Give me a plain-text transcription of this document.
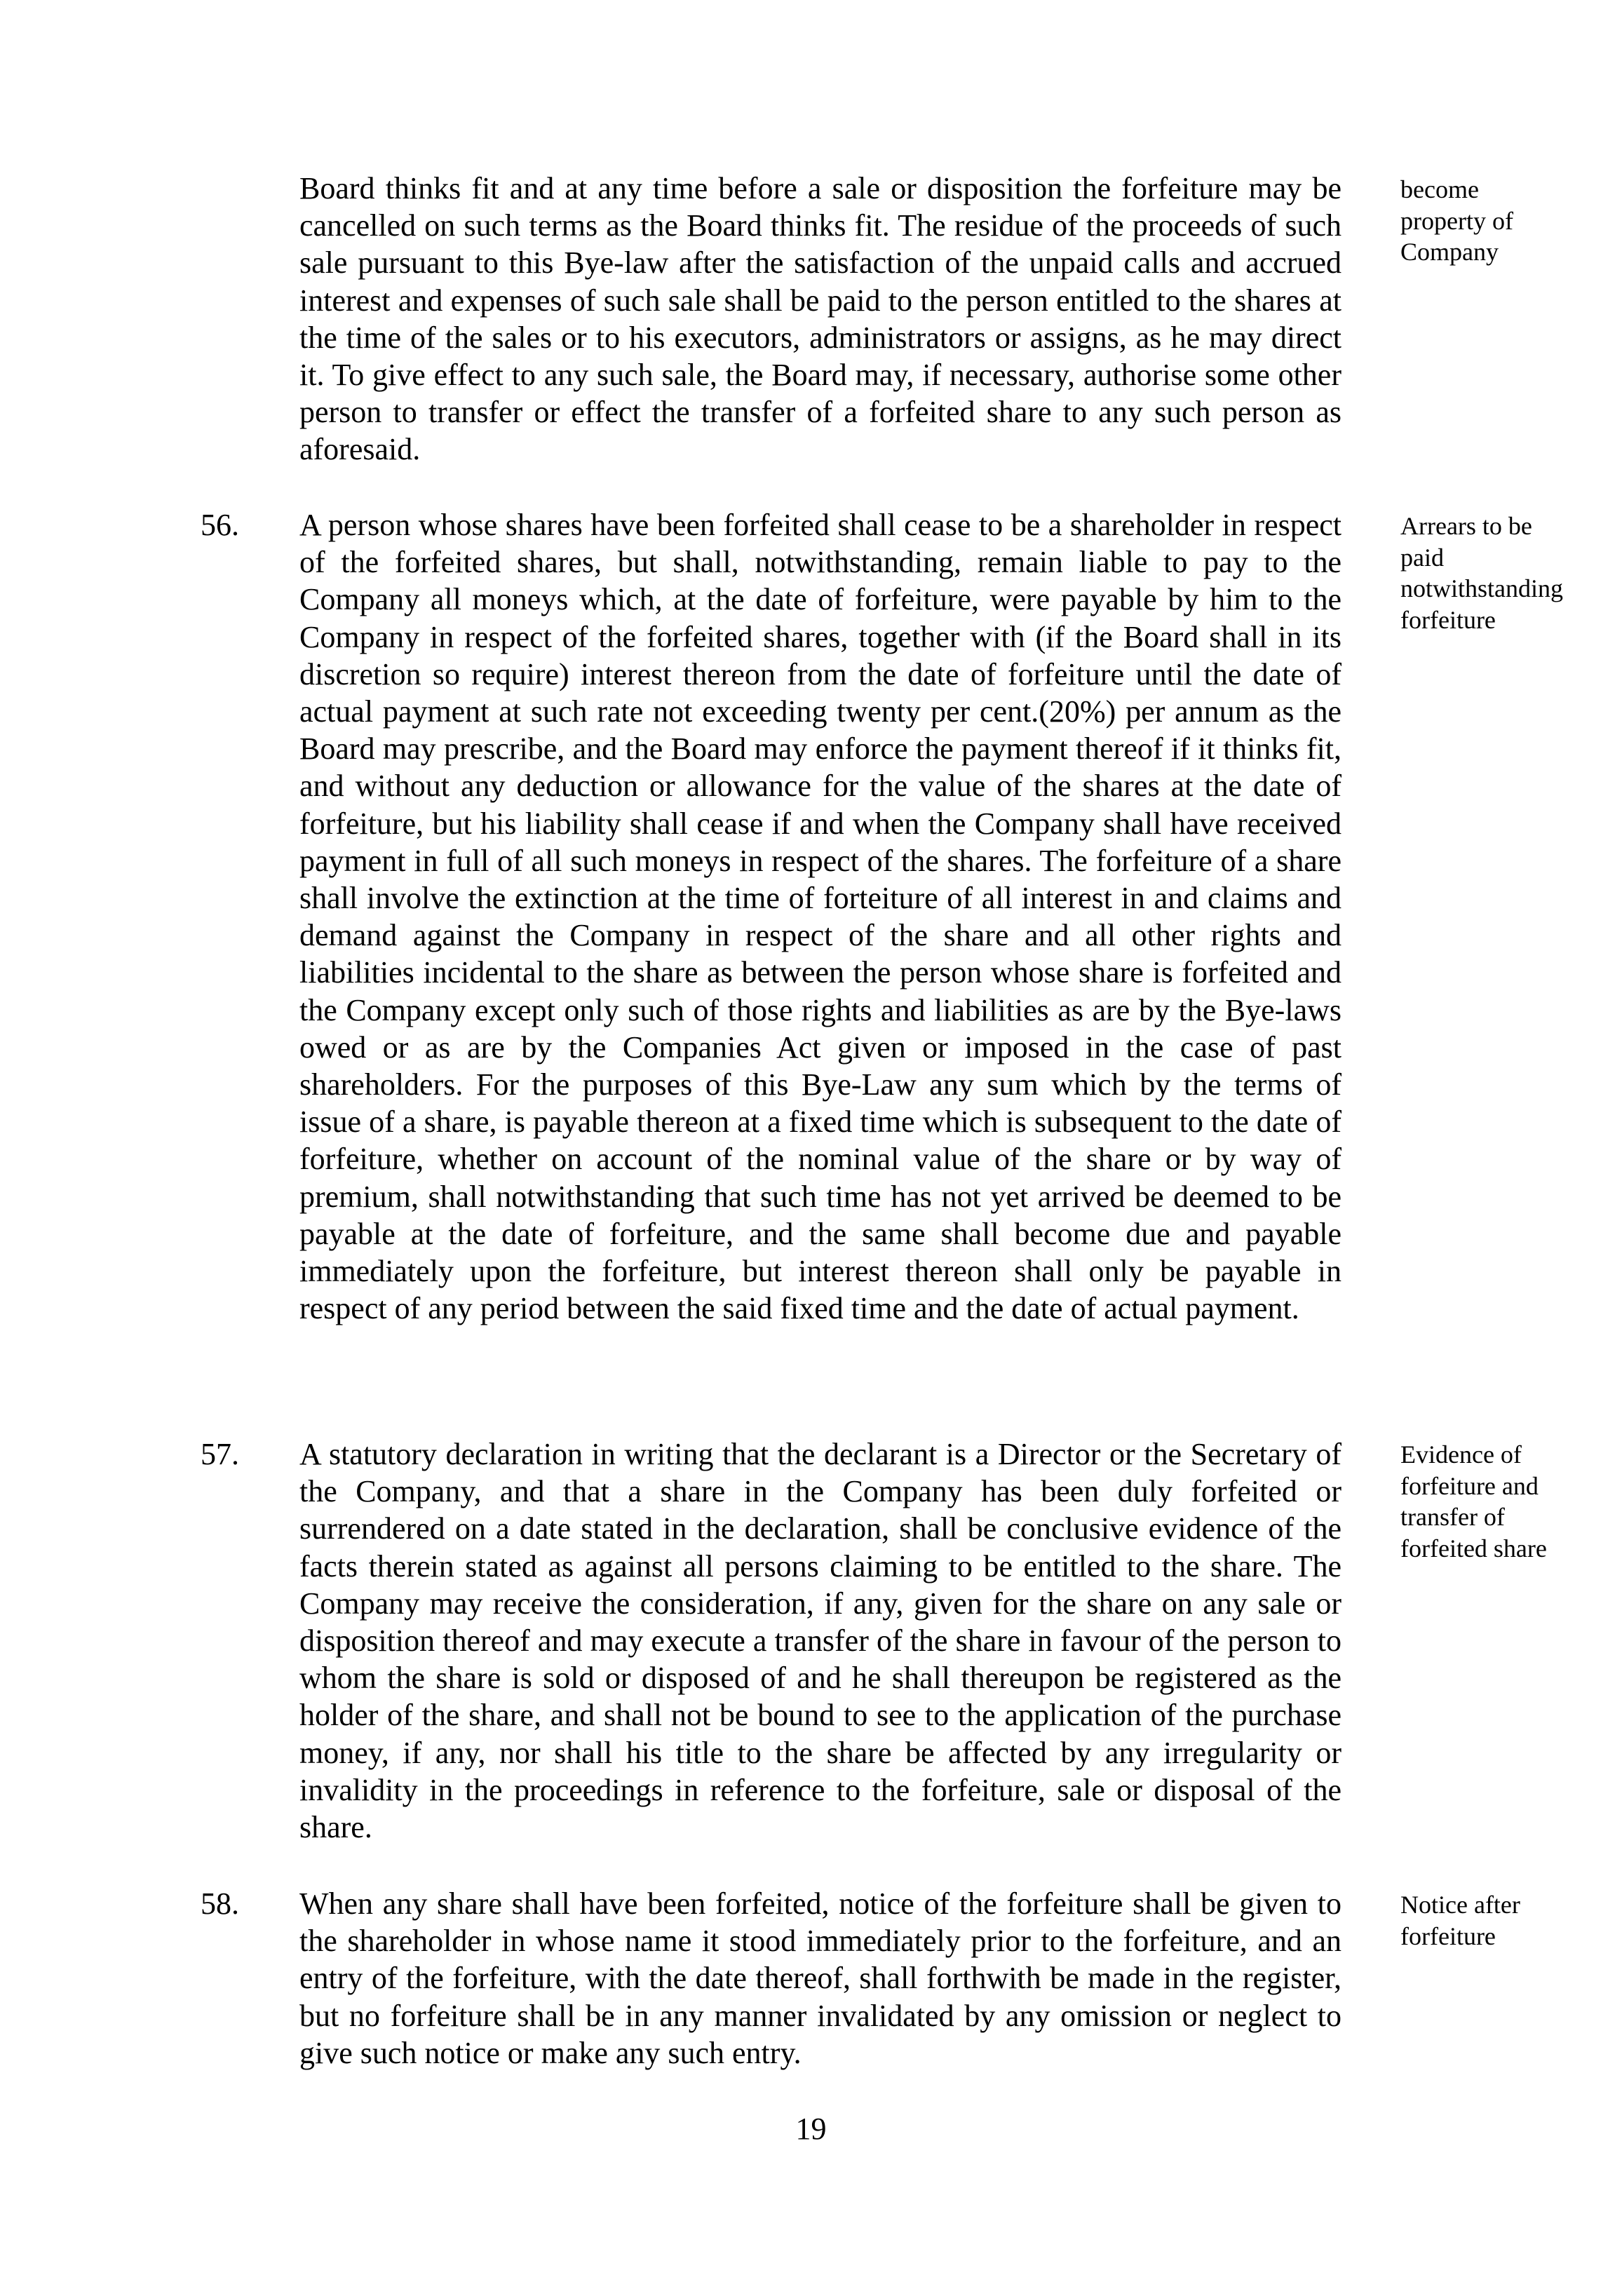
Board thinks fit and at any time before a sale or disposition the forfeiture may be cancelled on such terms as the Board thinks fit. The residue of the proceeds of such sale pursuant to this Bye-law after the satisfaction of the unpaid calls and accrued interest and expenses of such sale shall be paid to the person entitled to the shares at the time of the sales or to his executors, administrators or assigns, as he may direct it. To give effect to any such sale, the Board may, if necessary, authorise some other person to transfer or effect the transfer of a forfeited share to any such person as aforesaid.
become property of Company
56. A person whose shares have been forfeited shall cease to be a shareholder in respect of the forfeited shares, but shall, notwithstanding, remain liable to pay to the Company all moneys which, at the date of forfeiture, were payable by him to the Company in respect of the forfeited shares, together with (if the Board shall in its discretion so require) interest thereon from the date of forfeiture until the date of actual payment at such rate not exceeding twenty per cent.(20%) per annum as the Board may prescribe, and the Board may enforce the payment thereof if it thinks fit, and without any deduction or allowance for the value of the shares at the date of forfeiture, but his liability shall cease if and when the Company shall have received payment in full of all such moneys in respect of the shares. The forfeiture of a share shall involve the extinction at the time of forteiture of all interest in and claims and demand against the Company in respect of the share and all other rights and liabilities incidental to the share as between the person whose share is forfeited and the Company except only such of those rights and liabilities as are by the Bye-laws owed or as are by the Companies Act given or imposed in the case of past shareholders. For the purposes of this Bye-Law any sum which by the terms of issue of a share, is payable thereon at a fixed time which is subsequent to the date of forfeiture, whether on account of the nominal value of the share or by way of premium, shall notwithstanding that such time has not yet arrived be deemed to be payable at the date of forfeiture, and the same shall become due and payable immediately upon the forfeiture, but interest thereon shall only be payable in respect of any period between the said fixed time and the date of actual payment.
Arrears to be paid notwithstanding forfeiture
57. A statutory declaration in writing that the declarant is a Director or the Secretary of the Company, and that a share in the Company has been duly forfeited or surrendered on a date stated in the declaration, shall be conclusive evidence of the facts therein stated as against all persons claiming to be entitled to the share. The Company may receive the consideration, if any, given for the share on any sale or disposition thereof and may execute a transfer of the share in favour of the person to whom the share is sold or disposed of and he shall thereupon be registered as the holder of the share, and shall not be bound to see to the application of the purchase money, if any, nor shall his title to the share be affected by any irregularity or invalidity in the proceedings in reference to the forfeiture, sale or disposal of the share.
Evidence of forfeiture and transfer of forfeited share
58. When any share shall have been forfeited, notice of the forfeiture shall be given to the shareholder in whose name it stood immediately prior to the forfeiture, and an entry of the forfeiture, with the date thereof, shall forthwith be made in the register, but no forfeiture shall be in any manner invalidated by any omission or neglect to give such notice or make any such entry.
Notice after forfeiture
19
